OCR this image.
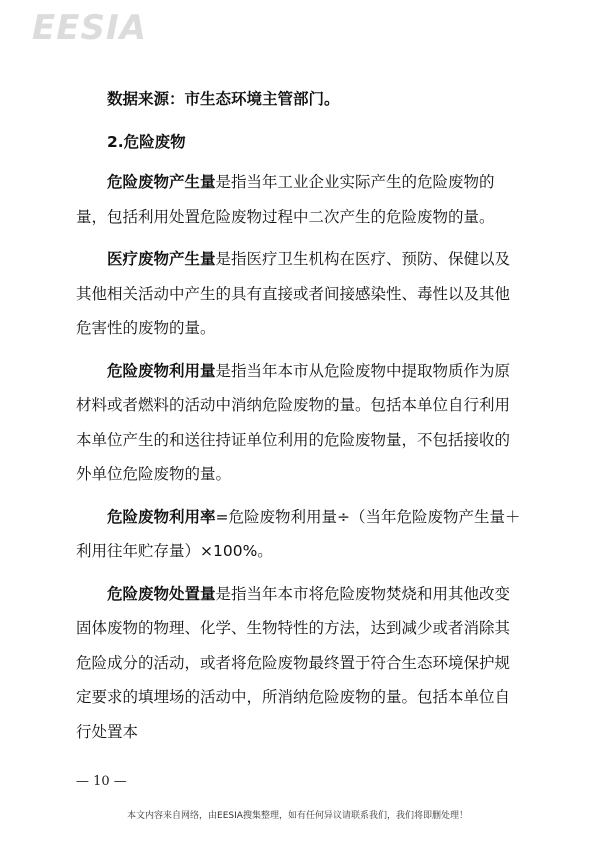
EESIA

数据来源：市生态环境主管部门。

2.危险废物

危险废物产生量是指当年工业企业实际产生的危险废物的量，包括利用处置危险废物过程中二次产生的危险废物的量。

医疗废物产生量是指医疗卫生机构在医疗、预防、保健以及其他相关活动中产生的具有直接或者间接感染性、毒性以及其他危害性的废物的量。

危险废物利用量是指当年本市从危险废物中提取物质作为原材料或者燃料的活动中消纳危险废物的量。包括本单位自行利用本单位产生的和送往持证单位利用的危险废物量，不包括接收的外单位危险废物的量。

危险废物利用率=危险废物利用量÷（当年危险废物产生量＋利用往年贮存量）×100%。

危险废物处置量是指当年本市将危险废物焚烧和用其他改变固体废物的物理、化学、生物特性的方法，达到减少或者消除其危险成分的活动，或者将危险废物最终置于符合生态环境保护规定要求的填埋场的活动中，所消纳危险废物的量。包括本单位自行处置本

— 10 —
本文内容来自网络，由EESIA搜集整理，如有任何异议请联系我们，我们将即删处理！
